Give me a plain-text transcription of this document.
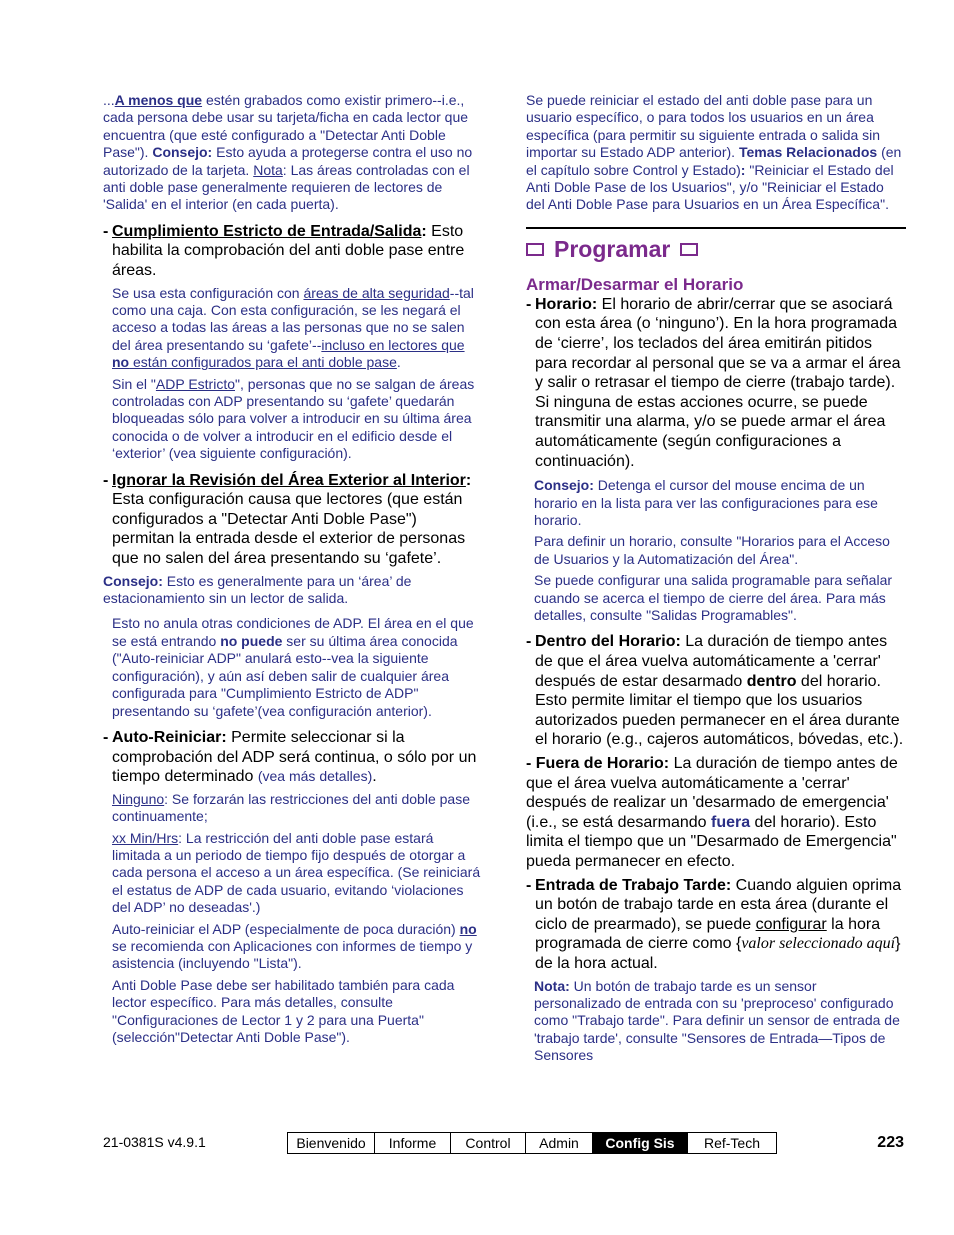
...A menos que estén grabados como existir primero--i.e., cada persona debe usar su tarjeta/ficha en cada lector que encuentra (que esté configurado a "Detectar Anti Doble Pase"). Consejo: Esto ayuda a protegerse contra el uso no autorizado de la tarjeta. Nota: Las áreas controladas con el anti doble pase generalmente requieren de lectores de 'Salida' en el interior (en cada puerta).

- Cumplimiento Estricto de Entrada/Salida: Esto habilita la comprobación del anti doble pase entre áreas.

Se usa esta configuración con áreas de alta seguridad--tal como una caja. Con esta configuración, se les negará el acceso a todas las áreas a las personas que no se salen del área presentando su ‘gafete’--incluso en lectores que no están configurados para el anti doble pase.

Sin el "ADP Estricto", personas que no se salgan de áreas controladas con ADP presentando su ‘gafete’ quedarán bloqueadas sólo para volver a introducir en su última área conocida o de volver a introducir en el edificio desde el ‘exterior’ (vea siguiente configuración).

- Ignorar la Revisión del Área Exterior al Interior: Esta configuración causa que lectores (que están configurados a "Detectar Anti Doble Pase") permitan la entrada desde el exterior de personas que no salen del área presentando su ‘gafete’.

Consejo: Esto es generalmente para un ‘área’ de estacionamiento sin un lector de salida.

Esto no anula otras condiciones de ADP. El área en el que se está entrando no puede ser su última área conocida ("Auto-reiniciar ADP" anulará esto--vea la siguiente configuración), y aún así deben salir de cualquier área configurada para "Cumplimiento Estricto de ADP" presentando su ‘gafete’(vea configuración anterior).

- Auto-Reiniciar: Permite seleccionar si la comprobación del ADP será continua, o sólo por un tiempo determinado (vea más detalles).

Ninguno: Se forzarán las restricciones del anti doble pase continuamente;

xx Min/Hrs: La restricción del anti doble pase estará limitada a un periodo de tiempo fijo después de otorgar a cada persona el acceso a un área específica. (Se reiniciará el estatus de ADP de cada usuario, evitando ‘violaciones del ADP’ no deseadas'.)

Auto-reiniciar el ADP (especialmente de poca duración) no se recomienda con Aplicaciones con informes de tiempo y asistencia (incluyendo "Lista").

Anti Doble Pase debe ser habilitado también para cada lector específico. Para más detalles, consulte "Configuraciones de Lector 1 y 2 para una Puerta" (selección"Detectar Anti Doble Pase").

Se puede reiniciar el estado del anti doble pase para un usuario específico, o para todos los usuarios en un área específica (para permitir su siguiente entrada o salida sin importar su Estado ADP anterior). Temas Relacionados (en el capítulo sobre Control y Estado): "Reiniciar el Estado del Anti Doble Pase de los Usuarios", y/o "Reiniciar el Estado del Anti Doble Pase para Usuarios en un Área Específica".

Programar
Armar/Desarmar el Horario
- Horario: El horario de abrir/cerrar que se asociará con esta área (o ‘ninguno’). En la hora programada de ‘cierre’, los teclados del área emitirán pitidos para recordar al personal que se va a armar el área y salir o retrasar el tiempo de cierre (trabajo tarde). Si ninguna de estas acciones ocurre, se puede transmitir una alarma, y/o se puede armar el área automáticamente (según configuraciones a continuación).

Consejo: Detenga el cursor del mouse encima de un horario en la lista para ver las configuraciones para ese horario.

Para definir un horario, consulte "Horarios para el Acceso de Usuarios y la Automatización del Área".

Se puede configurar una salida programable para señalar cuando se acerca el tiempo de cierre del área. Para más detalles, consulte "Salidas Programables".

- Dentro del Horario: La duración de tiempo antes de que el área vuelva automáticamente a 'cerrar' después de estar desarmado dentro del horario. Esto permite limitar el tiempo que los usuarios autorizados pueden permanecer en el área durante el horario (e.g., cajeros automáticos, bóvedas, etc.).
- Fuera de Horario: La duración de tiempo antes de que el área vuelva automáticamente a 'cerrar' después de realizar un 'desarmado de emergencia' (i.e., se está desarmando fuera del horario). Esto limita el tiempo que un "Desarmado de Emergencia" pueda permanecer en efecto.
- Entrada de Trabajo Tarde: Cuando alguien oprima un botón de trabajo tarde en esta área (durante el ciclo de prearmado), se puede configurar la hora programada de cierre como {valor seleccionado aquí} de la hora actual.

Nota: Un botón de trabajo tarde es un sensor personalizado de entrada con su 'preproceso' configurado como "Trabajo tarde". Para definir un sensor de entrada de 'trabajo tarde', consulte "Sensores de Entrada—Tipos de Sensores

21-0381S v4.9.1	Bienvenido	Informe	Control	Admin	Config Sis	Ref-Tech	223
